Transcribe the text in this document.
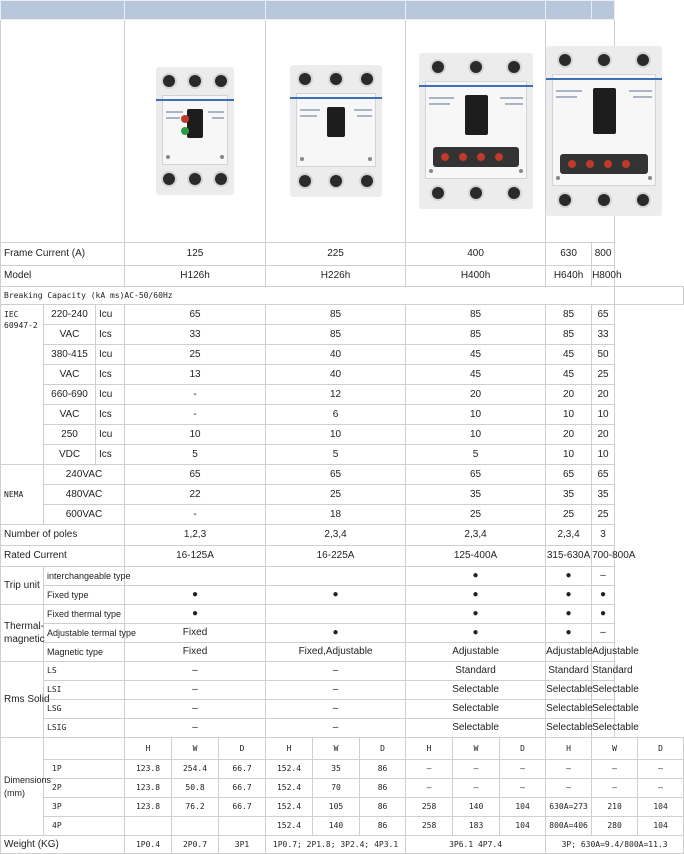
Frame Current (A)			125			225			400			630	800		
Model			H126h			H226h			H400h			H640h	H800h		
Breaking Capacity (kA ms)AC-50/60Hz															
IEC
60947-2	220-240	Icu	65			85			85			85	65		
	VAC	Ics	33			85			85			85	33		
	380-415	Icu	25			40			45			45	50		
	VAC	Ics	13			40			45			45	25		
	660-690	Icu	-			12			20			20	20		
	VAC	Ics	-			6			10			10	10		
	250	Icu	10			10			10			20	20		
	VDC	Ics	5			5			5			10	10		
NEMA	240VAC		65			65			65			65	65		
	480VAC		22			25			35			35	35		
	600VAC		-			18			25			25	25		
Number of poles			1,2,3			2,3,4			2,3,4			2,3,4	3		
Rated Current			16-125A			16-225A			125-400A			315-630A	700-800A		
Trip unit	interchangeable type								●			●	–		
	Fixed type		●			●			●			●	●		
Thermal-
magnetic	Fixed thermal type		●						●			●	●		
	Adjustable termal type		Fixed			●			●			●	–		
	Magnetic type		Fixed			Fixed,Adjustable			Adjustable			Adjustable	Adjustable		
Rms Solid	LS		–			–			Standard			Standard	Standard		
	LSI		–			–			Selectable			Selectable	Selectable		
	LSG		–			–			Selectable			Selectable	Selectable		
	LSIG		–			–			Selectable			Selectable	Selectable		
Dimensions
(mm)			H	W	D	H	W	D	H	W	D	H	W		D
	1P		123.8	254.4	66.7	152.4	35	86	–	–	–	–	–		–
	2P		123.8	50.8	66.7	152.4	70	86	–	–	–	–	–		–
	3P		123.8	76.2	66.7	152.4	105	86	258	140	104	630A=273	210		104
	4P					152.4	140	86	258	183	104	800A=406	280		104
Weight (KG)			1P0.4	2P0.7	3P1	1P0.7; 2P1.8; 3P2.4; 4P3.1			3P6.1 4P7.4			3P; 630A=9.4/800A=11.3			
